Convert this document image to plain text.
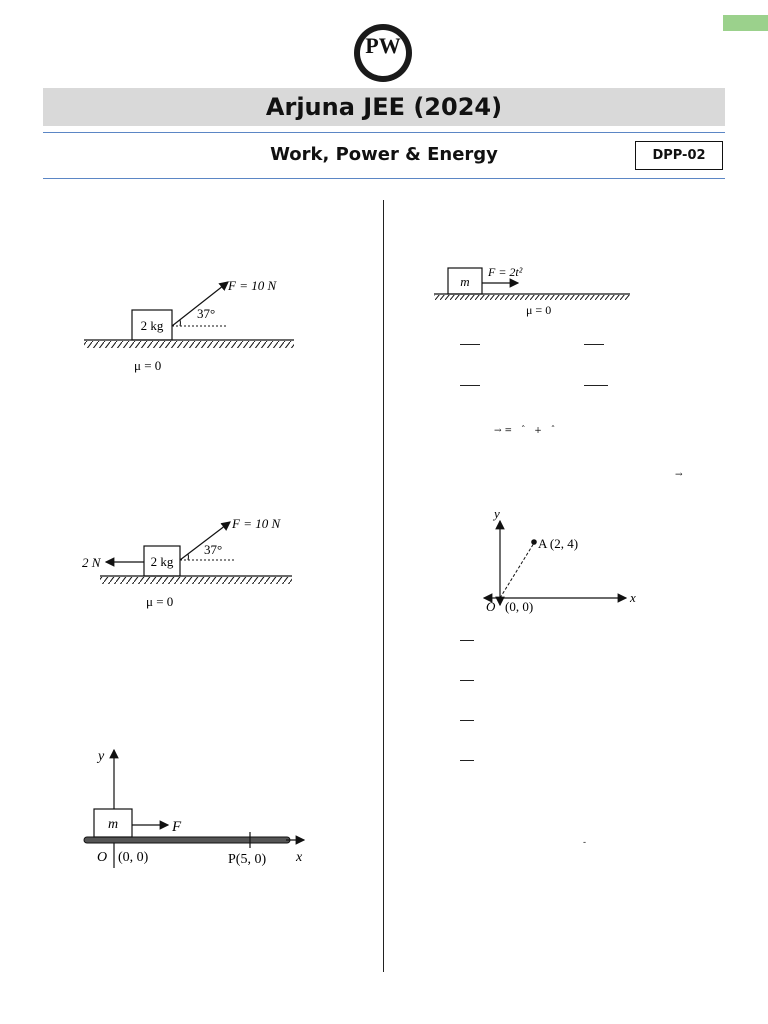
PW
Arjuna JEE (2024)
Work, Power & Energy	DPP-02
2 kg
37°
F = 10 N
μ = 0
2 kg
37°
F = 10 N
2 N
μ = 0
y
x
m	F
O (0, 0)	P(5, 0)
m
F = 2t²
μ = 0
→= ˆ + ˆ
→
A (2, 4)
y
x
O (0, 0)
-
